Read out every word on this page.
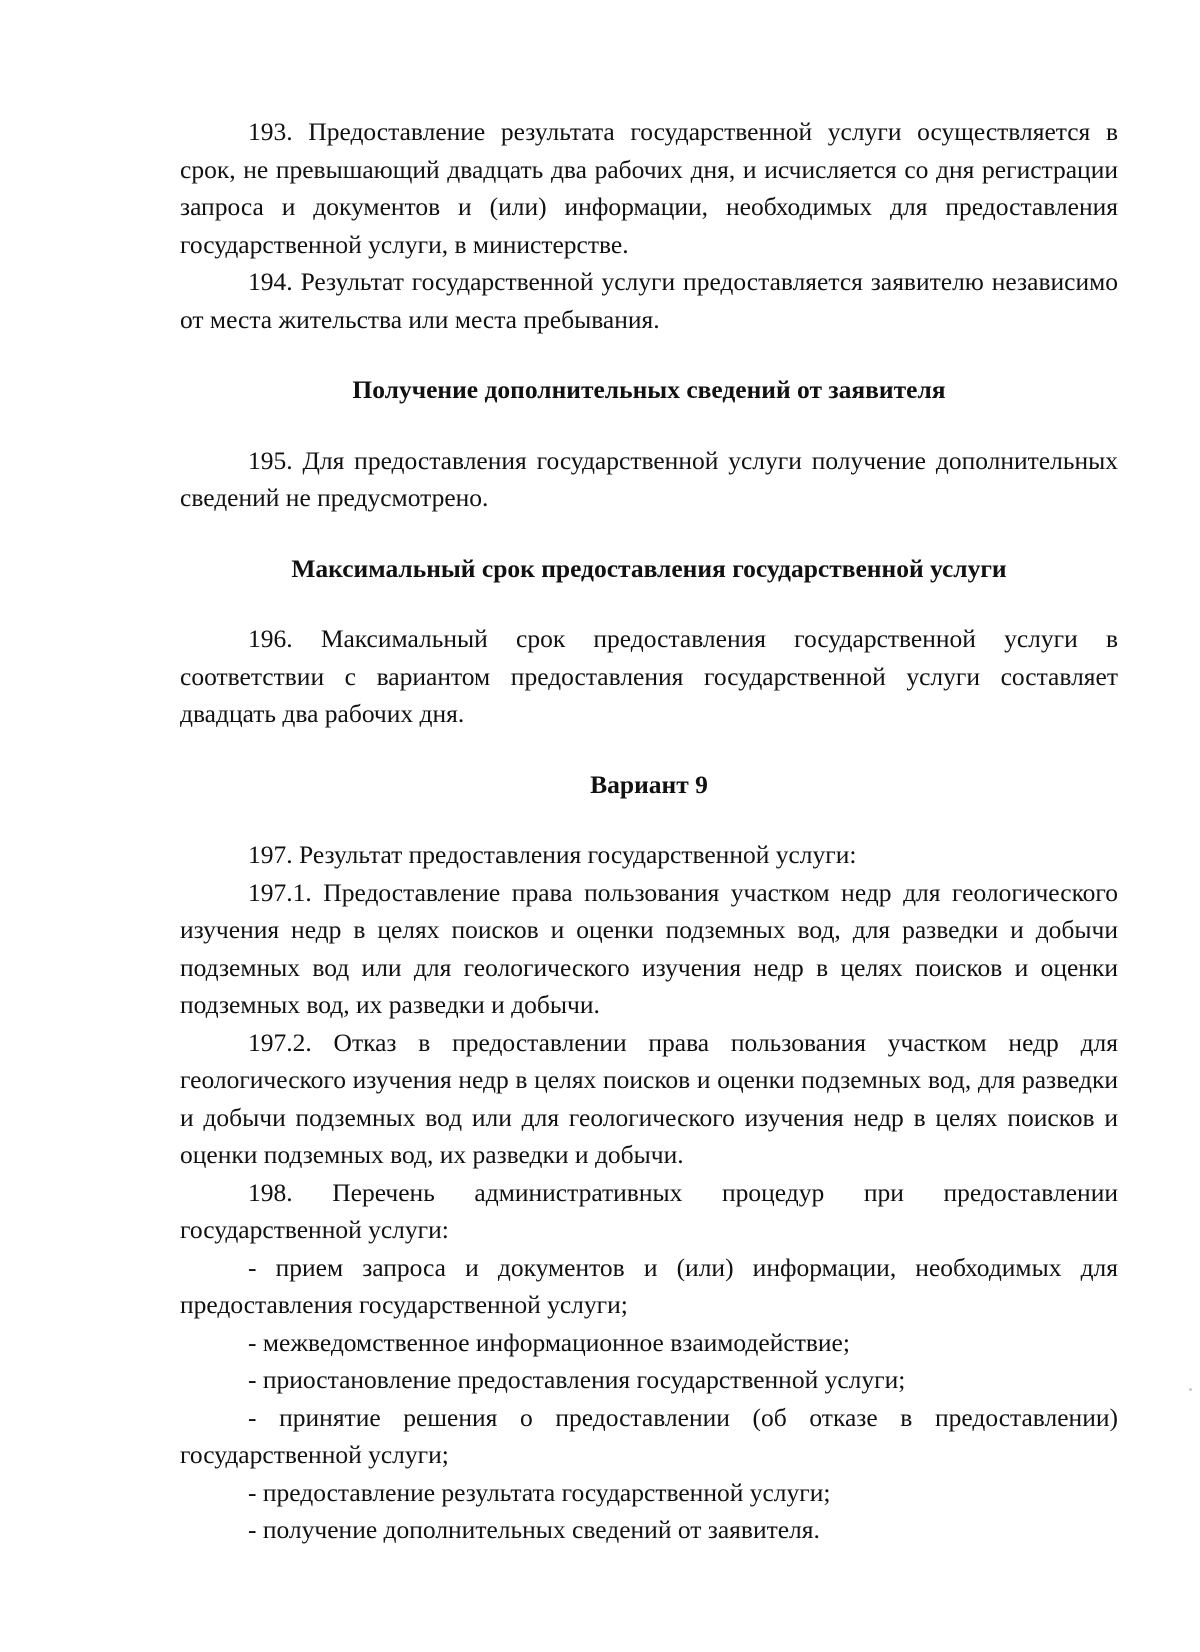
193. Предоставление результата государственной услуги осуществляется в срок, не превышающий двадцать два рабочих дня, и исчисляется со дня регистрации запроса и документов и (или) информации, необходимых для предоставления государственной услуги, в министерстве.

194. Результат государственной услуги предоставляется заявителю независимо от места жительства или места пребывания.

Получение дополнительных сведений от заявителя

195. Для предоставления государственной услуги получение дополнительных сведений не предусмотрено.

Максимальный срок предоставления государственной услуги

196. Максимальный срок предоставления государственной услуги в соответствии с вариантом предоставления государственной услуги составляет двадцать два рабочих дня.

Вариант 9

197. Результат предоставления государственной услуги:

197.1. Предоставление права пользования участком недр для геологического изучения недр в целях поисков и оценки подземных вод, для разведки и добычи подземных вод или для геологического изучения недр в целях поисков и оценки подземных вод, их разведки и добычи.

197.2. Отказ в предоставлении права пользования участком недр для геологического изучения недр в целях поисков и оценки подземных вод, для разведки и добычи подземных вод или для геологического изучения недр в целях поисков и оценки подземных вод, их разведки и добычи.

198. Перечень административных процедур при предоставлении государственной услуги:

- прием запроса и документов и (или) информации, необходимых для предоставления государственной услуги;

- межведомственное информационное взаимодействие;

- приостановление предоставления государственной услуги;

- принятие решения о предоставлении (об отказе в предоставлении) государственной услуги;

- предоставление результата государственной услуги;

- получение дополнительных сведений от заявителя.
